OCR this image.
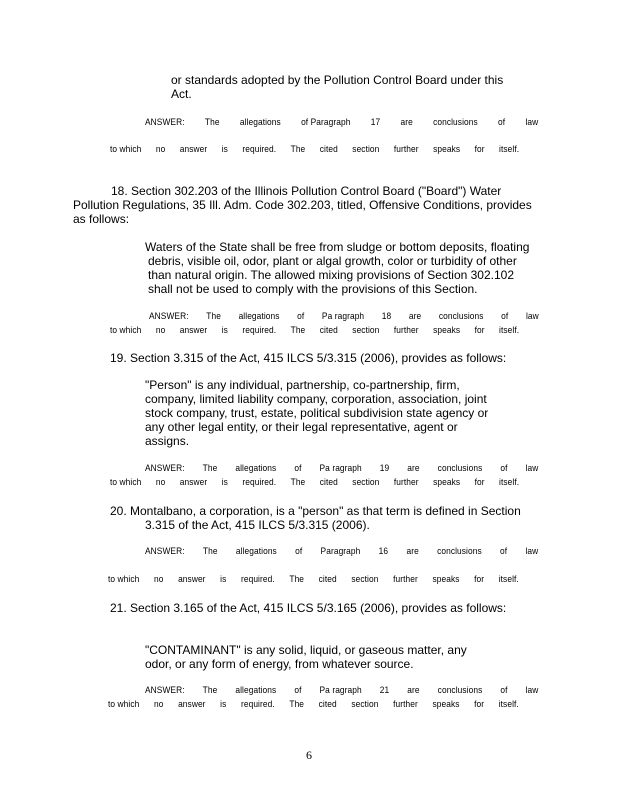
or standards adopted by the Pollution Control Board under this
Act.
ANSWER: The allegations of Paragraph 17 are conclusions of law
to which no answer is required. The cited section further speaks for itself.
18. Section 302.203 of the Illinois Pollution Control Board ("Board") Water
Pollution Regulations, 35 Ill. Adm. Code 302.203, titled, Offensive Conditions, provides
as follows:
Waters of the State shall be free from sludge or bottom deposits, floating
debris, visible oil, odor, plant or algal growth, color or turbidity of other
than natural origin. The allowed mixing provisions of Section 302.102
shall not be used to comply with the provisions of this Section.
ANSWER: The allegations of Pa ragraph 18 are conclusions of law
to which no answer is required. The cited section further speaks for itself.
19. Section 3.315 of the Act, 415 ILCS 5/3.315 (2006), provides as follows:
"Person" is any individual, partnership, co-partnership, firm,
company, limited liability company, corporation, association, joint
stock company, trust, estate, political subdivision state agency or
any other legal entity, or their legal representative, agent or
assigns.
ANSWER: The allegations of Pa ragraph 19 are conclusions of law
to which no answer is required. The cited section further speaks for itself.
20. Montalbano, a corporation, is a "person" as that term is defined in Section
3.315 of the Act, 415 ILCS 5/3.315 (2006).
ANSWER: The allegations of Paragraph 16 are conclusions of law
to which no answer is required. The cited section further speaks for itself.
21. Section 3.165 of the Act, 415 ILCS 5/3.165 (2006), provides as follows:
"CONTAMINANT" is any solid, liquid, or gaseous matter, any
odor, or any form of energy, from whatever source.
ANSWER: The allegations of Pa ragraph 21 are conclusions of law
to which no answer is required. The cited section further speaks for itself.
6
